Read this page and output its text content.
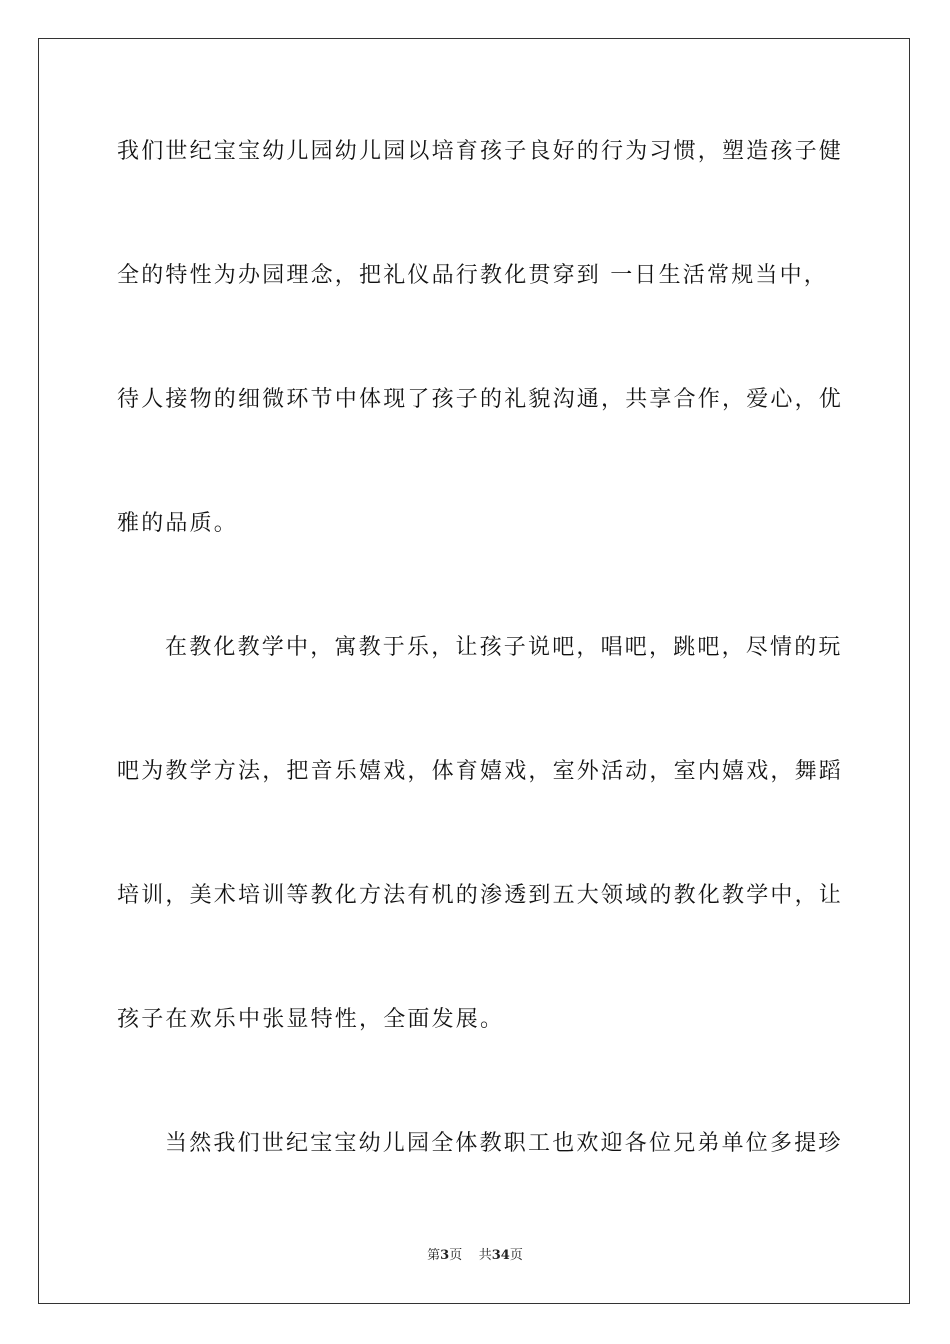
我们世纪宝宝幼儿园幼儿园以培育孩子良好的行为习惯，塑造孩子健
全的特性为办园理念，把礼仪品行教化贯穿到 一日生活常规当中，
待人接物的细微环节中体现了孩子的礼貌沟通，共享合作，爱心，优
雅的品质。
在教化教学中，寓教于乐，让孩子说吧，唱吧，跳吧，尽情的玩
吧为教学方法，把音乐嬉戏，体育嬉戏，室外活动，室内嬉戏，舞蹈
培训，美术培训等教化方法有机的渗透到五大领域的教化教学中，让
孩子在欢乐中张显特性，全面发展。
当然我们世纪宝宝幼儿园全体教职工也欢迎各位兄弟单位多提珍
第3页 共34页
